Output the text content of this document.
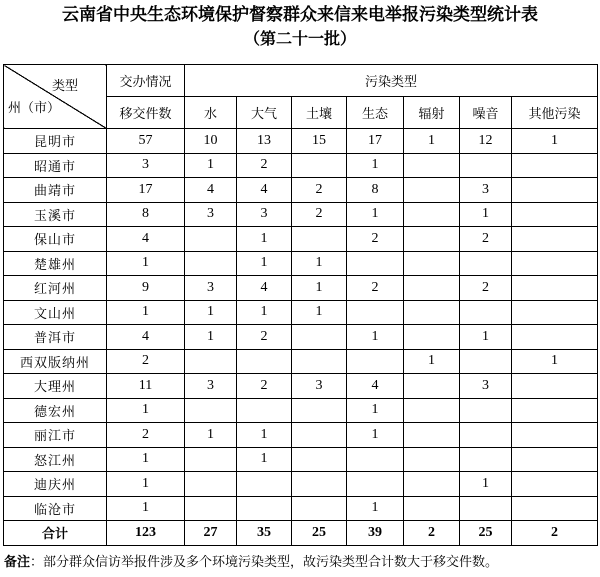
云南省中央生态环境保护督察群众来信来电举报污染类型统计表
（第二十一批）
类型
州（市）	交办情况	污染类型						
	移交件数	水	大气	土壤	生态	辐射	噪音	其他污染
昆明市	57	10	13	15	17	1	12	1
昭通市	3	1	2		1			
曲靖市	17	4	4	2	8		3	
玉溪市	8	3	3	2	1		1	
保山市	4		1		2		2	
楚雄州	1		1	1				
红河州	9	3	4	1	2		2	
文山州	1	1	1	1				
普洱市	4	1	2		1		1	
西双版纳州	2					1		1
大理州	11	3	2	3	4		3	
德宏州	1				1			
丽江市	2	1	1		1			
怒江州	1		1					
迪庆州	1						1	
临沧市	1				1			
合计	123	27	35	25	39	2	25	2
备注：部分群众信访举报件涉及多个环境污染类型，故污染类型合计数大于移交件数。
